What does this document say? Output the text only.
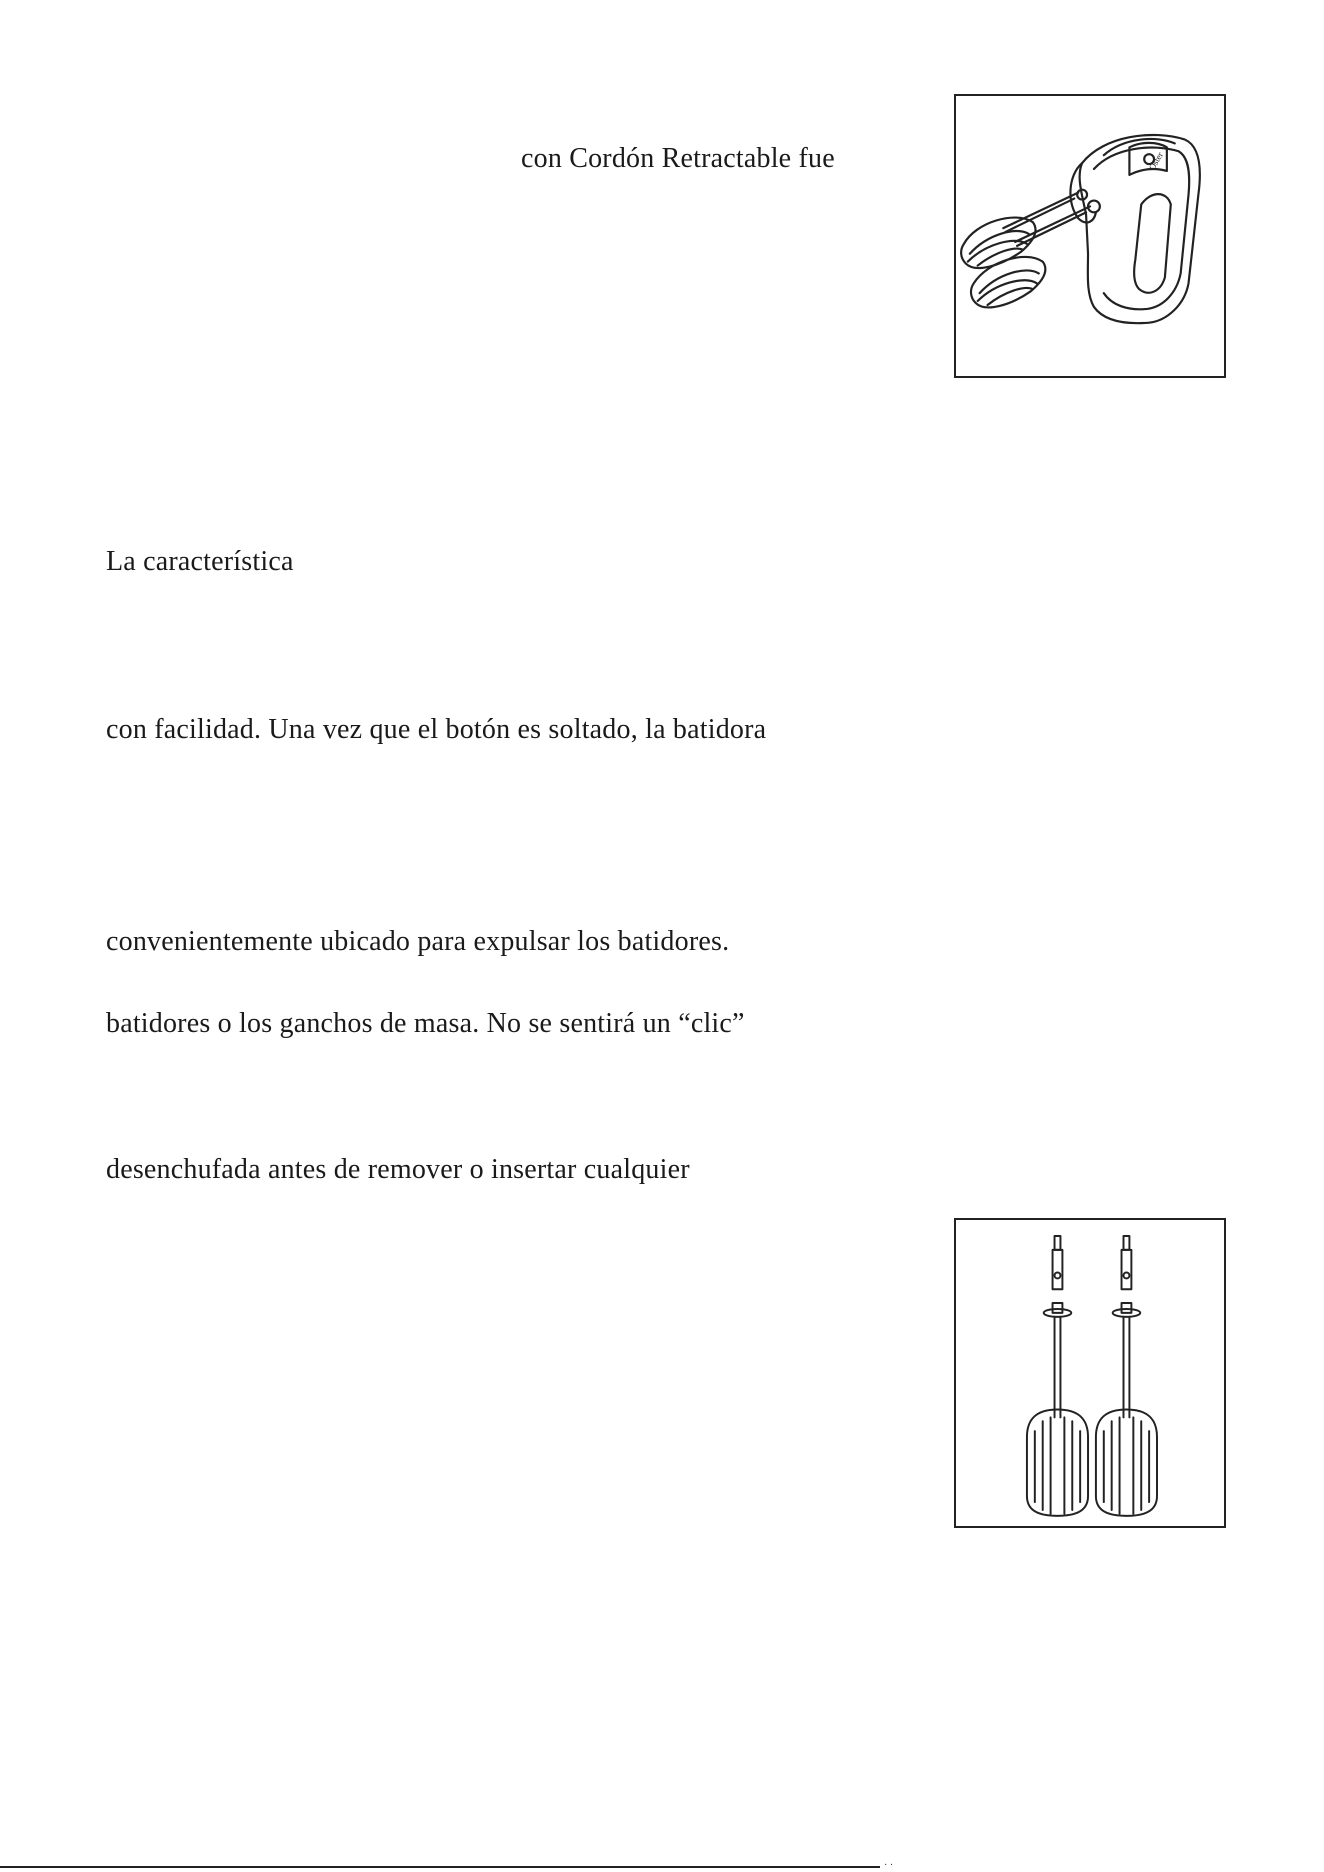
con Cordón Retractable fue	Oster
La característica
con facilidad. Una vez que el botón es soltado, la batidora
convenientemente ubicado para expulsar los batidores.
batidores o los ganchos de masa. No se sentirá un “clic”
desenchufada antes de remover o insertar cualquier
· ·
